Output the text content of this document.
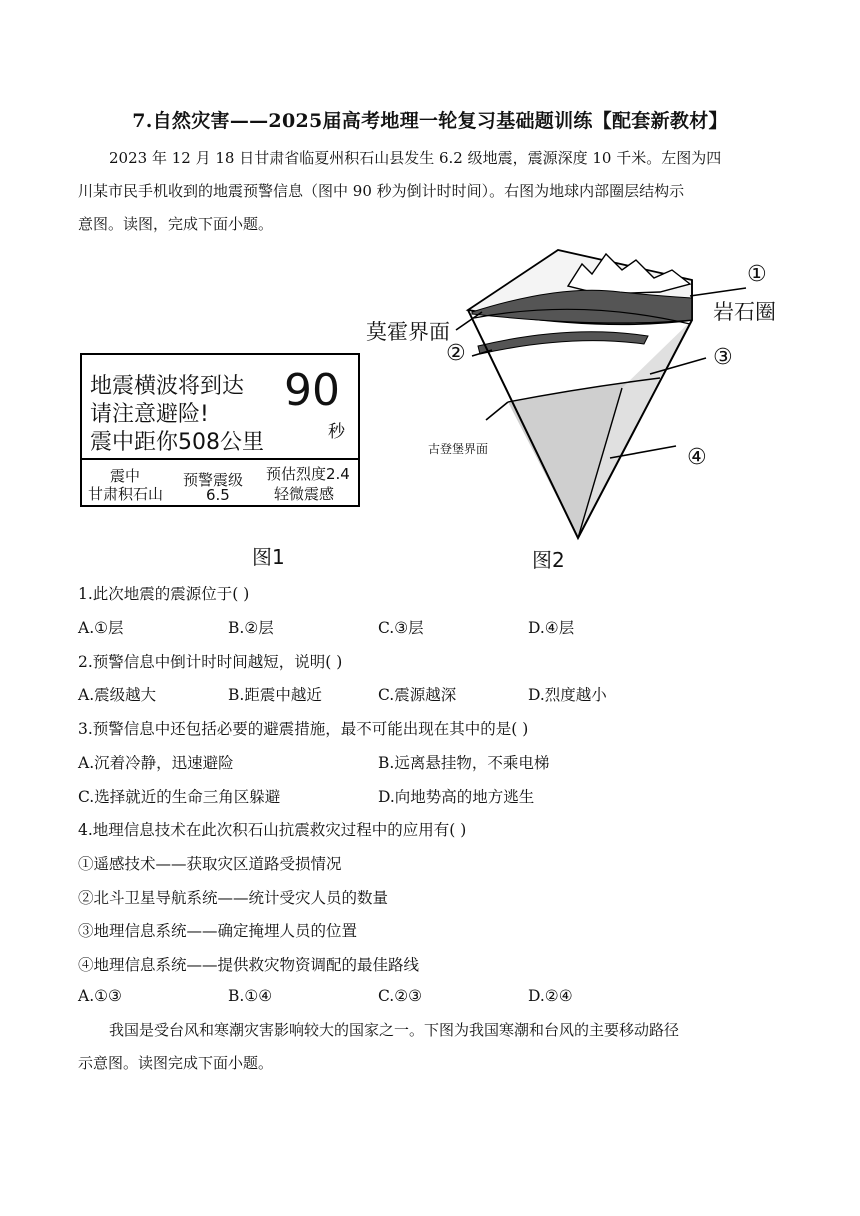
7.自然灾害——2025届高考地理一轮复习基础题训练【配套新教材】
2023 年 12 月 18 日甘肃省临夏州积石山县发生 6.2 级地震，震源深度 10 千米。左图为四
川某市民手机收到的地震预警信息（图中 90 秒为倒计时时间）。右图为地球内部圈层结构示
意图。读图，完成下面小题。
地震横波将到达
请注意避险!
震中距你508公里
90
秒
震中
甘肃积石山
预警震级
6.5
预估烈度2.4
轻微震感
图1
莫霍界面
②
①
岩石圈
③
④
古登堡界面
图2
1.此次地震的震源位于( )
A.①层	B.②层	C.③层	D.④层
2.预警信息中倒计时时间越短，说明( )
A.震级越大	B.距震中越近	C.震源越深	D.烈度越小
3.预警信息中还包括必要的避震措施，最不可能出现在其中的是( )
A.沉着冷静，迅速避险	B.远离悬挂物，不乘电梯
C.选择就近的生命三角区躲避	D.向地势高的地方逃生
4.地理信息技术在此次积石山抗震救灾过程中的应用有( )
①遥感技术——获取灾区道路受损情况
②北斗卫星导航系统——统计受灾人员的数量
③地理信息系统——确定掩埋人员的位置
④地理信息系统——提供救灾物资调配的最佳路线
A.①③	B.①④	C.②③	D.②④
我国是受台风和寒潮灾害影响较大的国家之一。下图为我国寒潮和台风的主要移动路径
示意图。读图完成下面小题。
